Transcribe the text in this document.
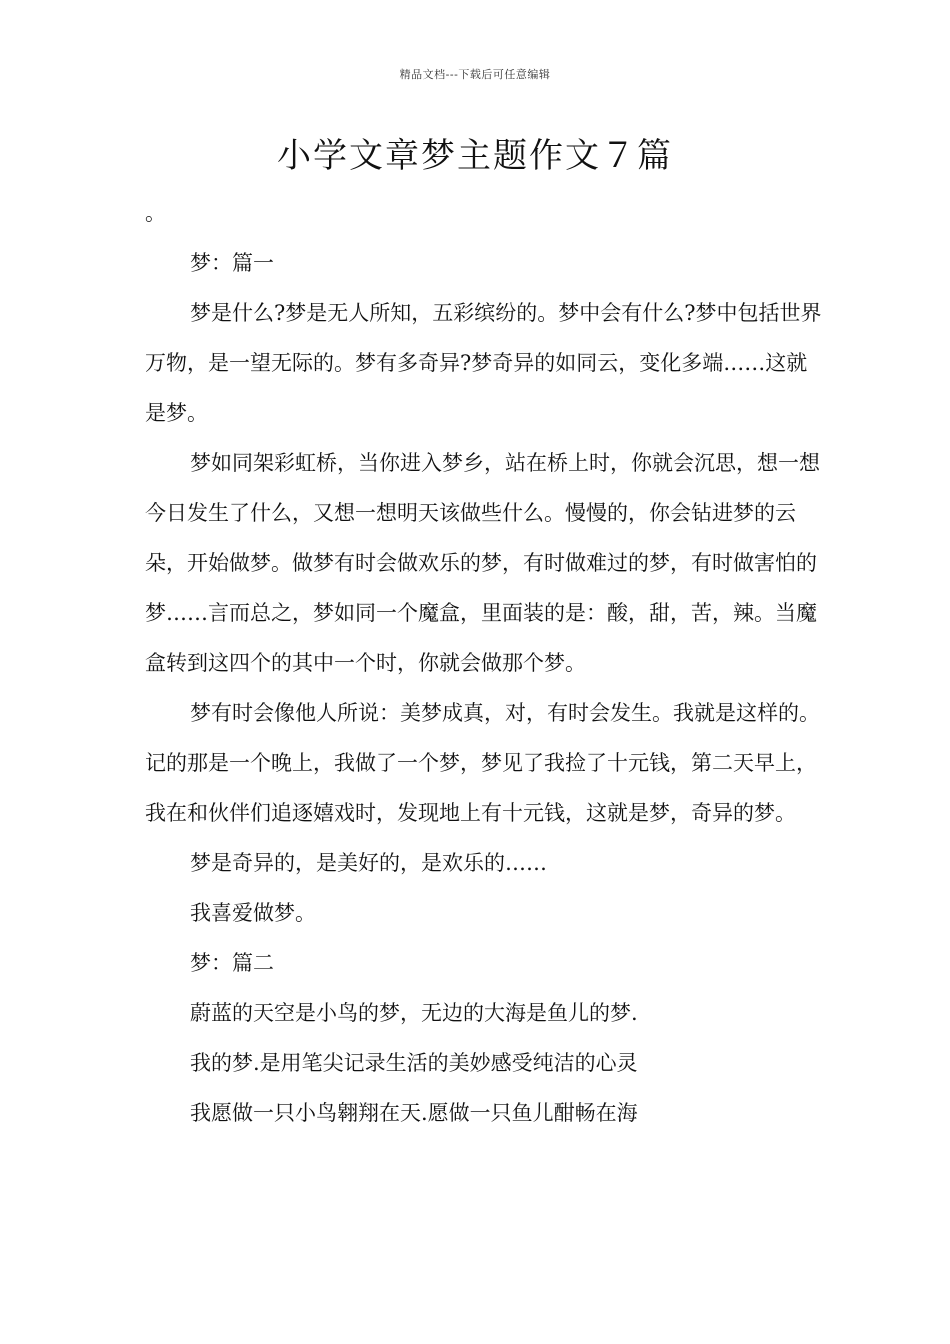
精品文档---下载后可任意编辑
小学文章梦主题作文７篇

。

梦：篇一

梦是什么?梦是无人所知，五彩缤纷的。梦中会有什么?梦中包括世界万物，是一望无际的。梦有多奇异?梦奇异的如同云，变化多端……这就是梦。

梦如同架彩虹桥，当你进入梦乡，站在桥上时，你就会沉思，想一想今日发生了什么，又想一想明天该做些什么。慢慢的，你会钻进梦的云朵，开始做梦。做梦有时会做欢乐的梦，有时做难过的梦，有时做害怕的梦……言而总之，梦如同一个魔盒，里面装的是：酸，甜，苦，辣。当魔盒转到这四个的其中一个时，你就会做那个梦。

梦有时会像他人所说：美梦成真，对，有时会发生。我就是这样的。记的那是一个晚上，我做了一个梦，梦见了我捡了十元钱，第二天早上，我在和伙伴们追逐嬉戏时，发现地上有十元钱，这就是梦，奇异的梦。

梦是奇异的，是美好的，是欢乐的……

我喜爱做梦。

梦：篇二

蔚蓝的天空是小鸟的梦，无边的大海是鱼儿的梦.

我的梦.是用笔尖记录生活的美妙感受纯洁的心灵

我愿做一只小鸟翱翔在天.愿做一只鱼儿酣畅在海
